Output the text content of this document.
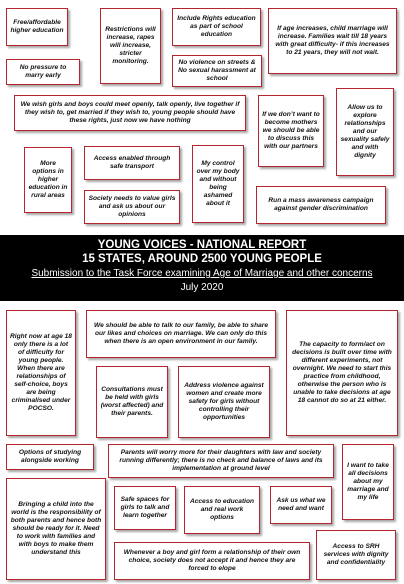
Free/affordable higher education	Restrictions will increase, rapes will increase, stricter monitoring.
Include Rights education as part of school education
If age increases, child marriage will increase. Families wait till 18 years with great difficulty- if this increases to 21 years, they will not wait.
No pressure to marry early
No violence on streets & No sexual harassment at school
We wish girls and boys could meet openly, talk openly, live together if they wish to, get married if they wish to, young people should have these rights, just now we have nothing
If we don’t want to become mothers we should be able to discuss this with our partners
Allow us to explore relationships and our sexuality safely and with dignity
More options in higher education in rural areas
Access enabled through safe transport	My control over my body and without being ashamed about it
Society needs to value girls and ask us about our opinions
Run a mass awareness campaign against gender discrimination
YOUNG VOICES - NATIONAL REPORT
15 STATES, AROUND 2500 YOUNG PEOPLE
Submission to the Task Force examining Age of Marriage and other concerns
July 2020
Right now at age 18 only there is a lot of difficulty for young people. When there are relationships of self-choice, boys are being criminalised under POCSO.
We should be able to talk to our family, be able to share our likes and choices on marriage. We can only do this when there is an open environment in our family.	The capacity to form/act on decisions is built over time with different experiments, not overnight. We need to start this practice from childhood, otherwise the person who is unable to take decisions at age 18 cannot do so at 21 either.
Consultations must be held with girls (worst affected) and their parents.
Address violence against women and create more safety for girls without controlling their opportunities
Options of studying alongside working
Parents will worry more for their daughters with law and society running differently; there is no check and balance of laws and its implementation at ground level	I want to take all decisions about my marriage and my life
Bringing a child into the world is the responsibility of both parents and hence both should be ready for it. Need to work with families and with boys to make them understand this
Safe spaces for girls to talk and learn together
Access to education and real work options
Ask us what we need and want
Access to SRH services with dignity and confidentiality
Whenever a boy and girl form a relationship of their own choice, society does not accept it and hence they are forced to elope
